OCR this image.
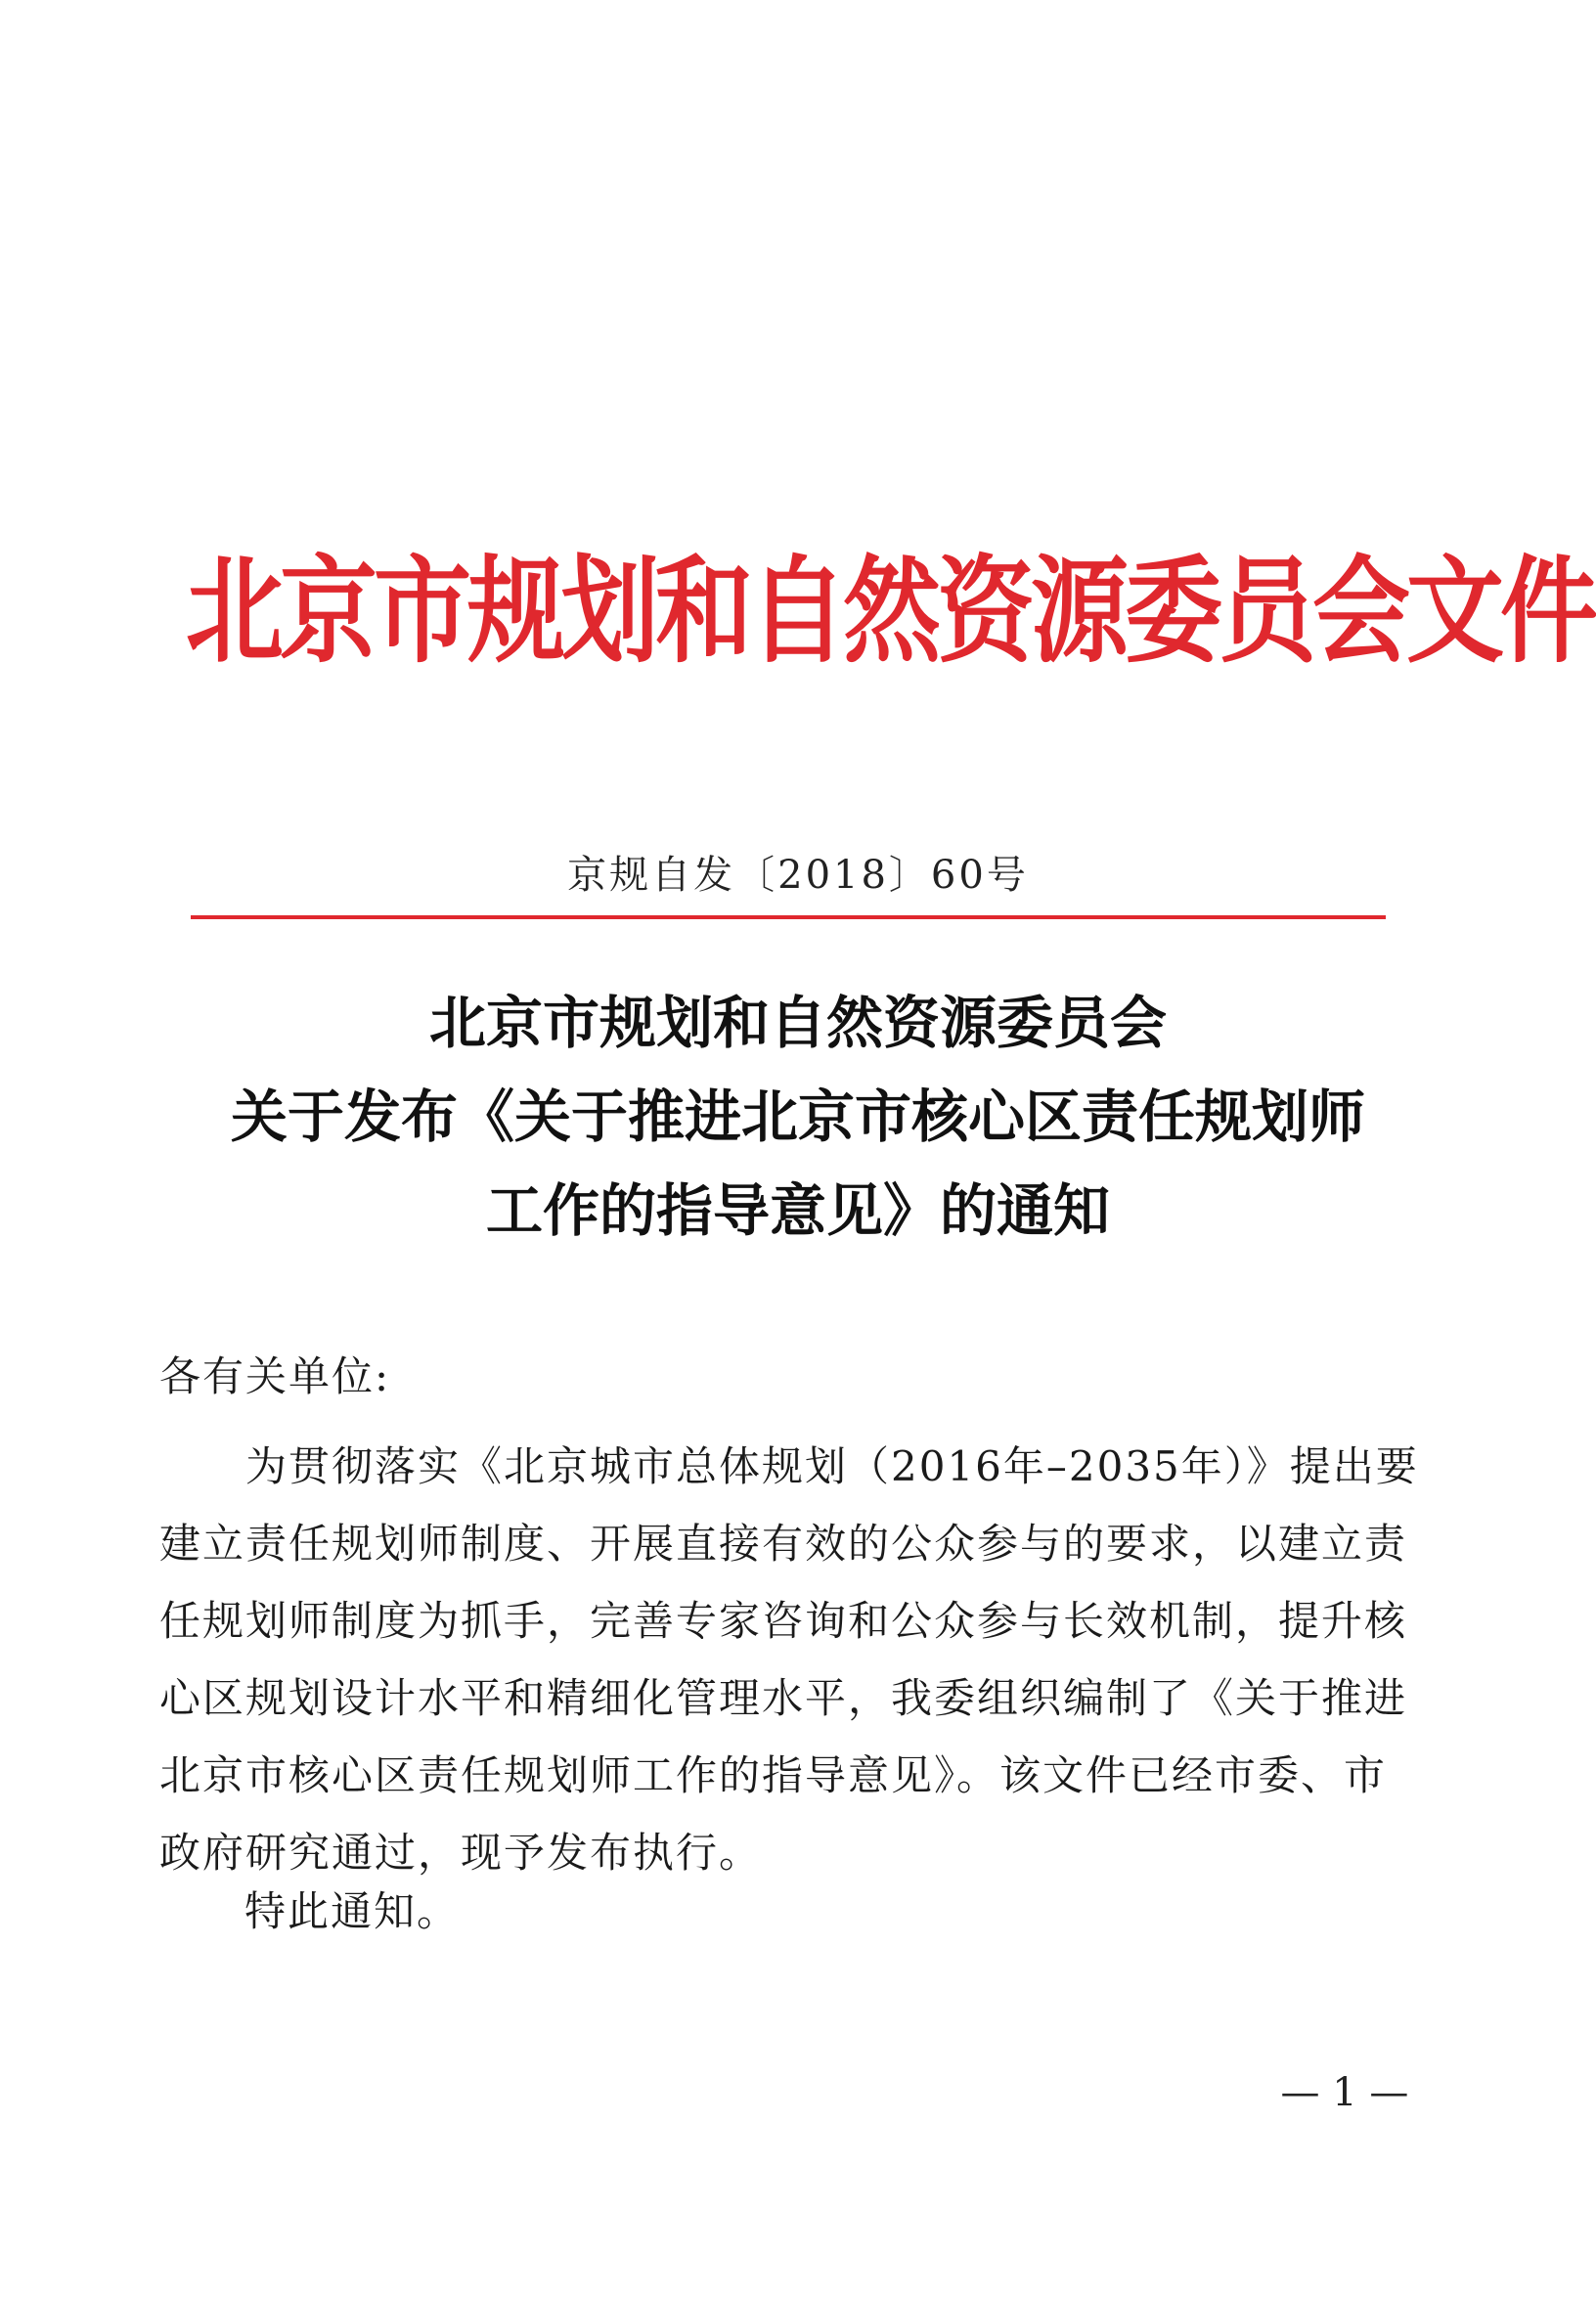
北京市规划和自然资源委员会文件
京规自发〔2018〕60号
北京市规划和自然资源委员会
关于发布《关于推进北京市核心区责任规划师
工作的指导意见》的通知
各有关单位:
　　为贯彻落实《北京城市总体规划（2016年–2035年）》提出要
建立责任规划师制度、开展直接有效的公众参与的要求，以建立责
任规划师制度为抓手，完善专家咨询和公众参与长效机制，提升核
心区规划设计水平和精细化管理水平，我委组织编制了《关于推进
北京市核心区责任规划师工作的指导意见》。该文件已经市委、市
政府研究通过，现予发布执行。
特此通知。
— 1 —
